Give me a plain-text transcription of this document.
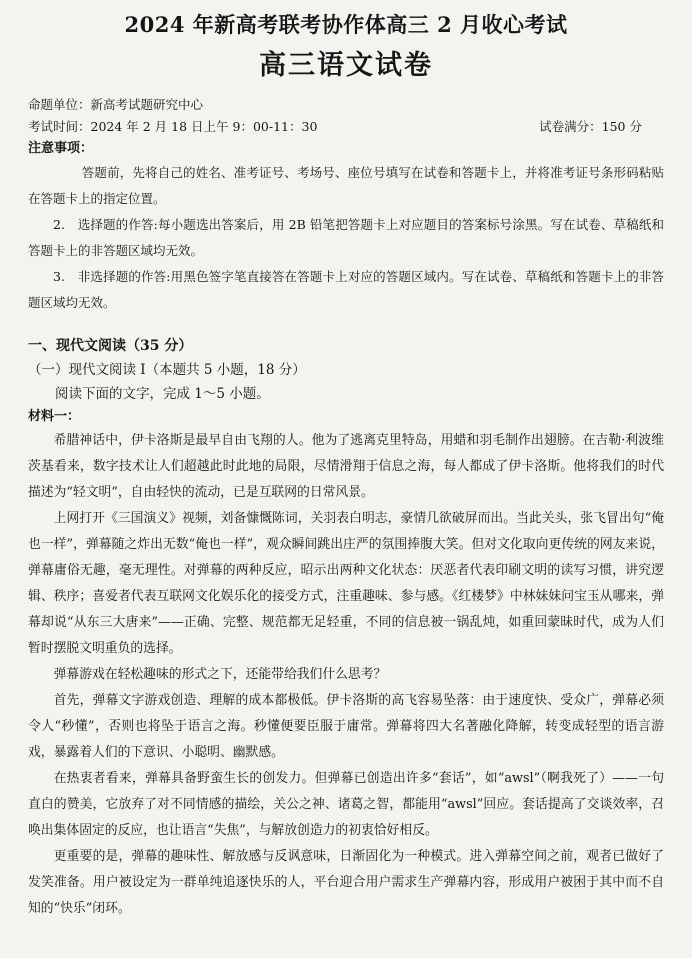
2024 年新高考联考协作体高三 2 月收心考试
高三语文试卷
命题单位：新高考试题研究中心
考试时间：2024 年 2 月 18 日上午 9：00-11：30	试卷满分：150 分
注意事项：

答题前，先将自己的姓名、准考证号、考场号、座位号填写在试卷和答题卡上，并将准考证号条形码粘贴在答题卡上的指定位置。

2.　选择题的作答:每小题选出答案后，用 2B 铅笔把答题卡上对应题目的答案标号涂黑。写在试卷、草稿纸和答题卡上的非答题区域均无效。

3.　非选择题的作答:用黑色签字笔直接答在答题卡上对应的答题区域内。写在试卷、草稿纸和答题卡上的非答题区域均无效。

一、现代文阅读（35 分）
（一）现代文阅读 I（本题共 5 小题，18 分）
阅读下面的文字，完成 1～5 小题。
材料一：

希腊神话中，伊卡洛斯是最早自由飞翔的人。他为了逃离克里特岛，用蜡和羽毛制作出翅膀。在吉勒·利波维茨基看来，数字技术让人们超越此时此地的局限，尽情滑翔于信息之海，每人都成了伊卡洛斯。他将我们的时代描述为“轻文明”，自由轻快的流动，已是互联网的日常风景。

上网打开《三国演义》视频，刘备慷慨陈词，关羽表白明志，豪情几欲破屏而出。当此关头，张飞冒出句“俺也一样”，弹幕随之炸出无数“俺也一样”，观众瞬间跳出庄严的氛围捧腹大笑。但对文化取向更传统的网友来说，弹幕庸俗无趣，毫无理性。对弹幕的两种反应，昭示出两种文化状态：厌恶者代表印刷文明的读写习惯，讲究逻辑、秩序；喜爱者代表互联网文化娱乐化的接受方式，注重趣味、参与感。《红楼梦》中林妹妹问宝玉从哪来，弹幕却说“从东三大唐来”——正确、完整、规范都无足轻重，不同的信息被一锅乱炖，如重回蒙昧时代，成为人们暂时摆脱文明重负的选择。

弹幕游戏在轻松趣味的形式之下，还能带给我们什么思考？

首先，弹幕文字游戏创造、理解的成本都极低。伊卡洛斯的高飞容易坠落：由于速度快、受众广，弹幕必须令人“秒懂”，否则也将坠于语言之海。秒懂便要臣服于庸常。弹幕将四大名著融化降解，转变成轻型的语言游戏，暴露着人们的下意识、小聪明、幽默感。

在热衷者看来，弹幕具备野蛮生长的创发力。但弹幕已创造出许多“套话”，如“awsl”（啊我死了）——一句直白的赞美，它放弃了对不同情感的描绘，关公之神、诸葛之智，都能用“awsl”回应。套话提高了交谈效率，召唤出集体固定的反应，也让语言“失焦”，与解放创造力的初衷恰好相反。

更重要的是，弹幕的趣味性、解放感与反讽意味，日渐固化为一种模式。进入弹幕空间之前，观者已做好了发笑准备。用户被设定为一群单纯追逐快乐的人，平台迎合用户需求生产弹幕内容，形成用户被困于其中而不自知的“快乐”闭环。
